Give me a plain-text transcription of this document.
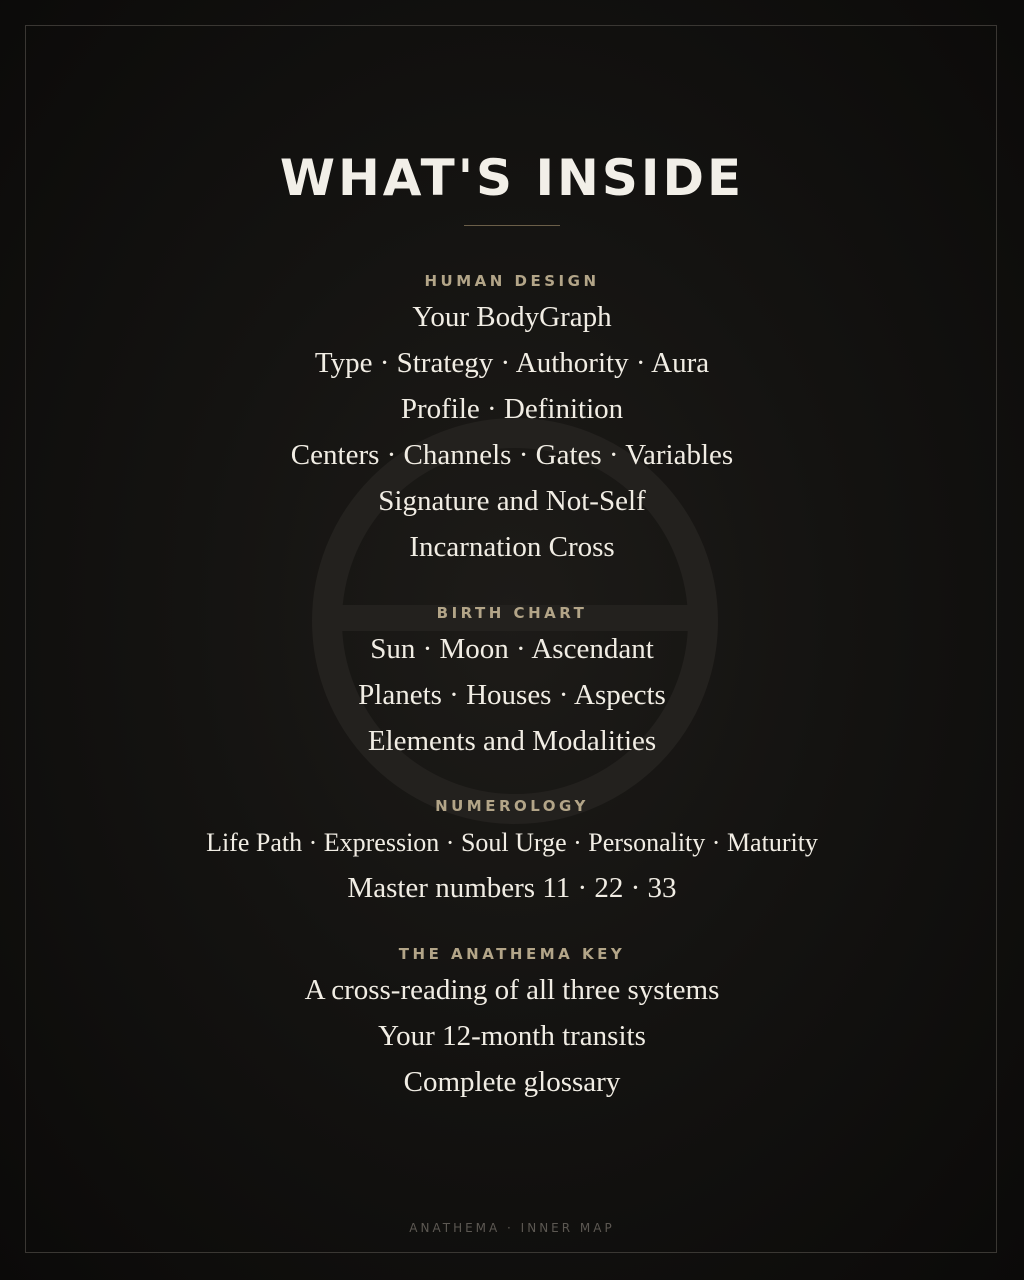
WHAT'S INSIDE
HUMAN DESIGN
Your BodyGraph
Type · Strategy · Authority · Aura
Profile · Definition
Centers · Channels · Gates · Variables
Signature and Not-Self
Incarnation Cross
BIRTH CHART
Sun · Moon · Ascendant
Planets · Houses · Aspects
Elements and Modalities
NUMEROLOGY
Life Path · Expression · Soul Urge · Personality · Maturity
Master numbers 11 · 22 · 33
THE ANATHEMA KEY
A cross-reading of all three systems
Your 12-month transits
Complete glossary
ANATHEMA · INNER MAP
